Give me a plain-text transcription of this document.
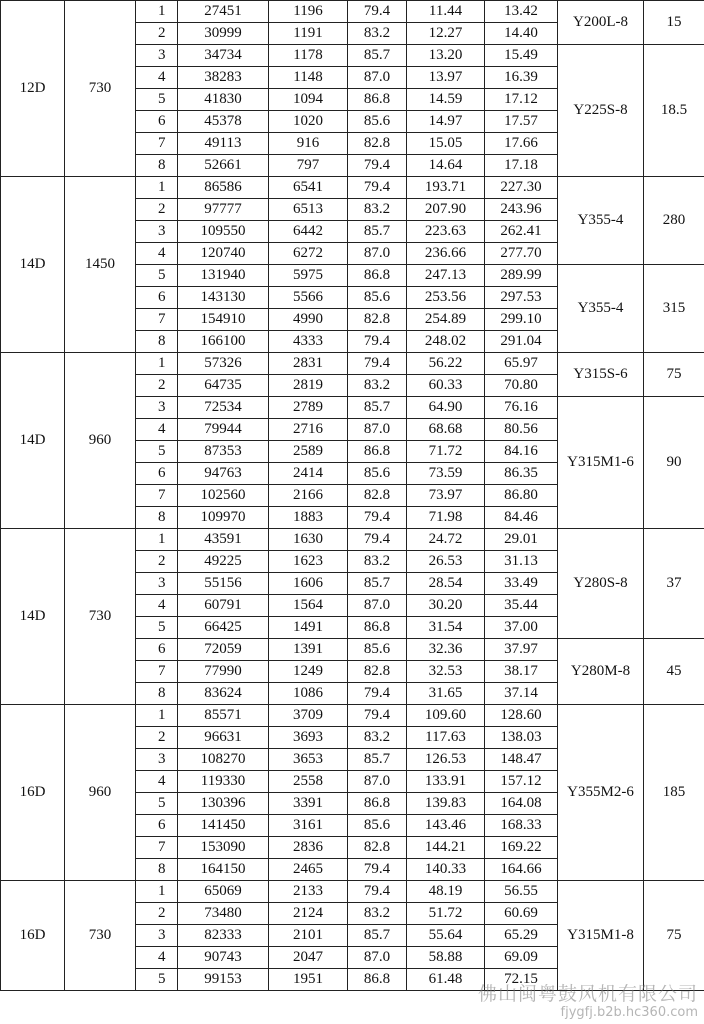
12D	730	1	27451	1196	79.4	11.44	13.42	Y200L-8	15
		2	30999	1191	83.2	12.27	14.40		
		3	34734	1178	85.7	13.20	15.49	Y225S-8	18.5
		4	38283	1148	87.0	13.97	16.39		
		5	41830	1094	86.8	14.59	17.12		
		6	45378	1020	85.6	14.97	17.57		
		7	49113	916	82.8	15.05	17.66		
		8	52661	797	79.4	14.64	17.18		
14D	1450	1	86586	6541	79.4	193.71	227.30	Y355-4	280
		2	97777	6513	83.2	207.90	243.96		
		3	109550	6442	85.7	223.63	262.41		
		4	120740	6272	87.0	236.66	277.70		
		5	131940	5975	86.8	247.13	289.99	Y355-4	315
		6	143130	5566	85.6	253.56	297.53		
		7	154910	4990	82.8	254.89	299.10		
		8	166100	4333	79.4	248.02	291.04		
14D	960	1	57326	2831	79.4	56.22	65.97	Y315S-6	75
		2	64735	2819	83.2	60.33	70.80		
		3	72534	2789	85.7	64.90	76.16	Y315M1-6	90
		4	79944	2716	87.0	68.68	80.56		
		5	87353	2589	86.8	71.72	84.16		
		6	94763	2414	85.6	73.59	86.35		
		7	102560	2166	82.8	73.97	86.80		
		8	109970	1883	79.4	71.98	84.46		
14D	730	1	43591	1630	79.4	24.72	29.01	Y280S-8	37
		2	49225	1623	83.2	26.53	31.13		
		3	55156	1606	85.7	28.54	33.49		
		4	60791	1564	87.0	30.20	35.44		
		5	66425	1491	86.8	31.54	37.00		
		6	72059	1391	85.6	32.36	37.97	Y280M-8	45
		7	77990	1249	82.8	32.53	38.17		
		8	83624	1086	79.4	31.65	37.14		
16D	960	1	85571	3709	79.4	109.60	128.60	Y355M2-6	185
		2	96631	3693	83.2	117.63	138.03		
		3	108270	3653	85.7	126.53	148.47		
		4	119330	2558	87.0	133.91	157.12		
		5	130396	3391	86.8	139.83	164.08		
		6	141450	3161	85.6	143.46	168.33		
		7	153090	2836	82.8	144.21	169.22		
		8	164150	2465	79.4	140.33	164.66		
16D	730	1	65069	2133	79.4	48.19	56.55	Y315M1-8	75
		2	73480	2124	83.2	51.72	60.69		
		3	82333	2101	85.7	55.64	65.29		
		4	90743	2047	87.0	58.88	69.09		
		5	99153	1951	86.8	61.48	72.15		
佛山闽粤鼓风机有限公司
fjygfj.b2b.hc360.com
